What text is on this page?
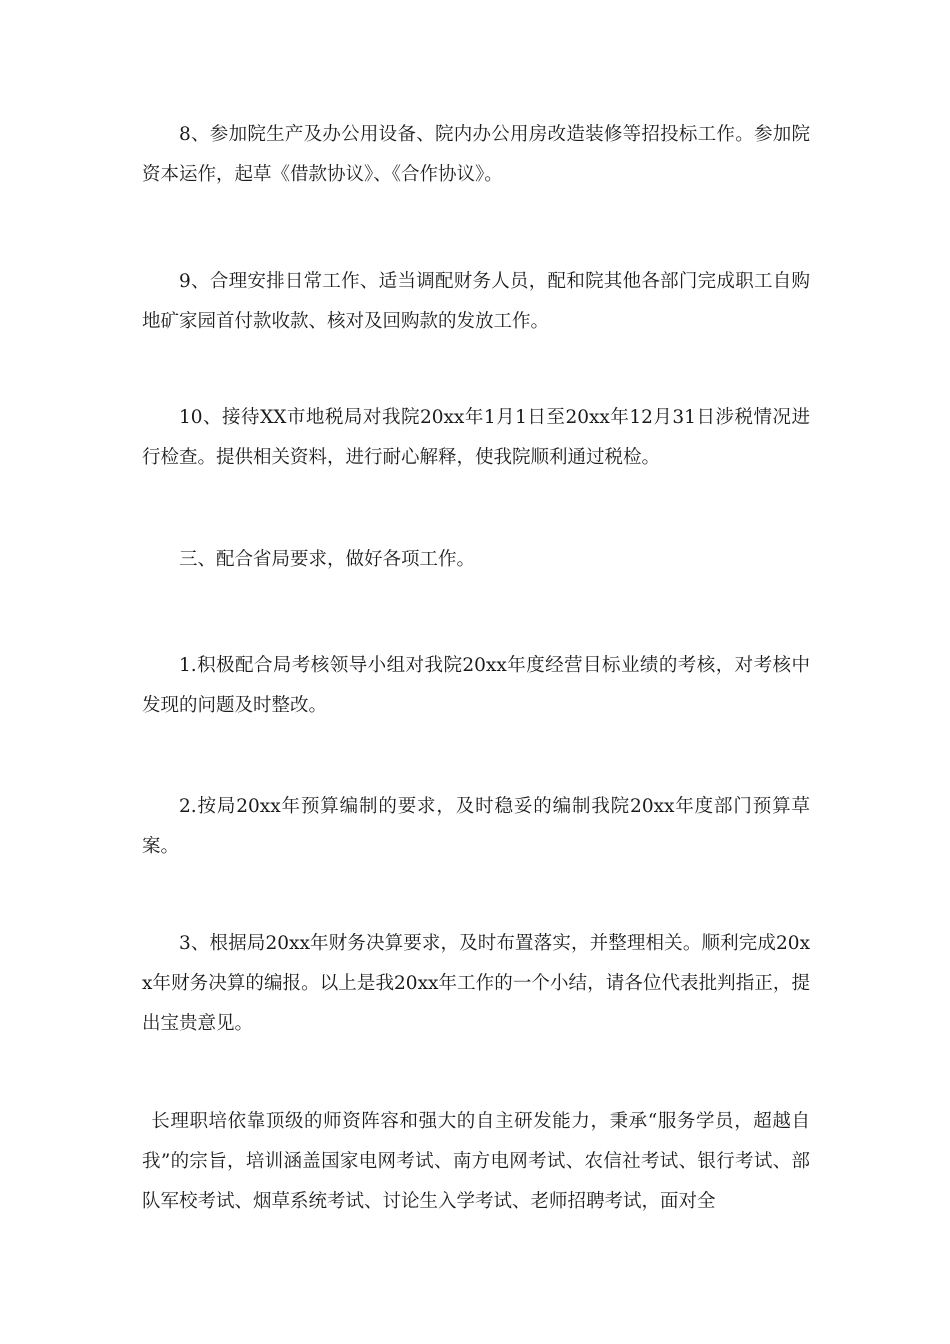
8、参加院生产及办公用设备、院内办公用房改造装修等招投标工作。参加院资本运作，起草《借款协议》、《合作协议》。

9、合理安排日常工作、适当调配财务人员，配和院其他各部门完成职工自购地矿家园首付款收款、核对及回购款的发放工作。

10、接待XX市地税局对我院20xx年1月1日至20xx年12月31日涉税情况进行检查。提供相关资料，进行耐心解释，使我院顺利通过税检。

三、配合省局要求，做好各项工作。

1.积极配合局考核领导小组对我院20xx年度经营目标业绩的考核，对考核中发现的问题及时整改。

2.按局20xx年预算编制的要求，及时稳妥的编制我院20xx年度部门预算草案。

3、根据局20xx年财务决算要求，及时布置落实，并整理相关。顺利完成20xx年财务决算的编报。以上是我20xx年工作的一个小结，请各位代表批判指正，提出宝贵意见。

长理职培依靠顶级的师资阵容和强大的自主研发能力，秉承“服务学员，超越自我”的宗旨，培训涵盖国家电网考试、南方电网考试、农信社考试、银行考试、部队军校考试、烟草系统考试、讨论生入学考试、老师招聘考试，面对全
